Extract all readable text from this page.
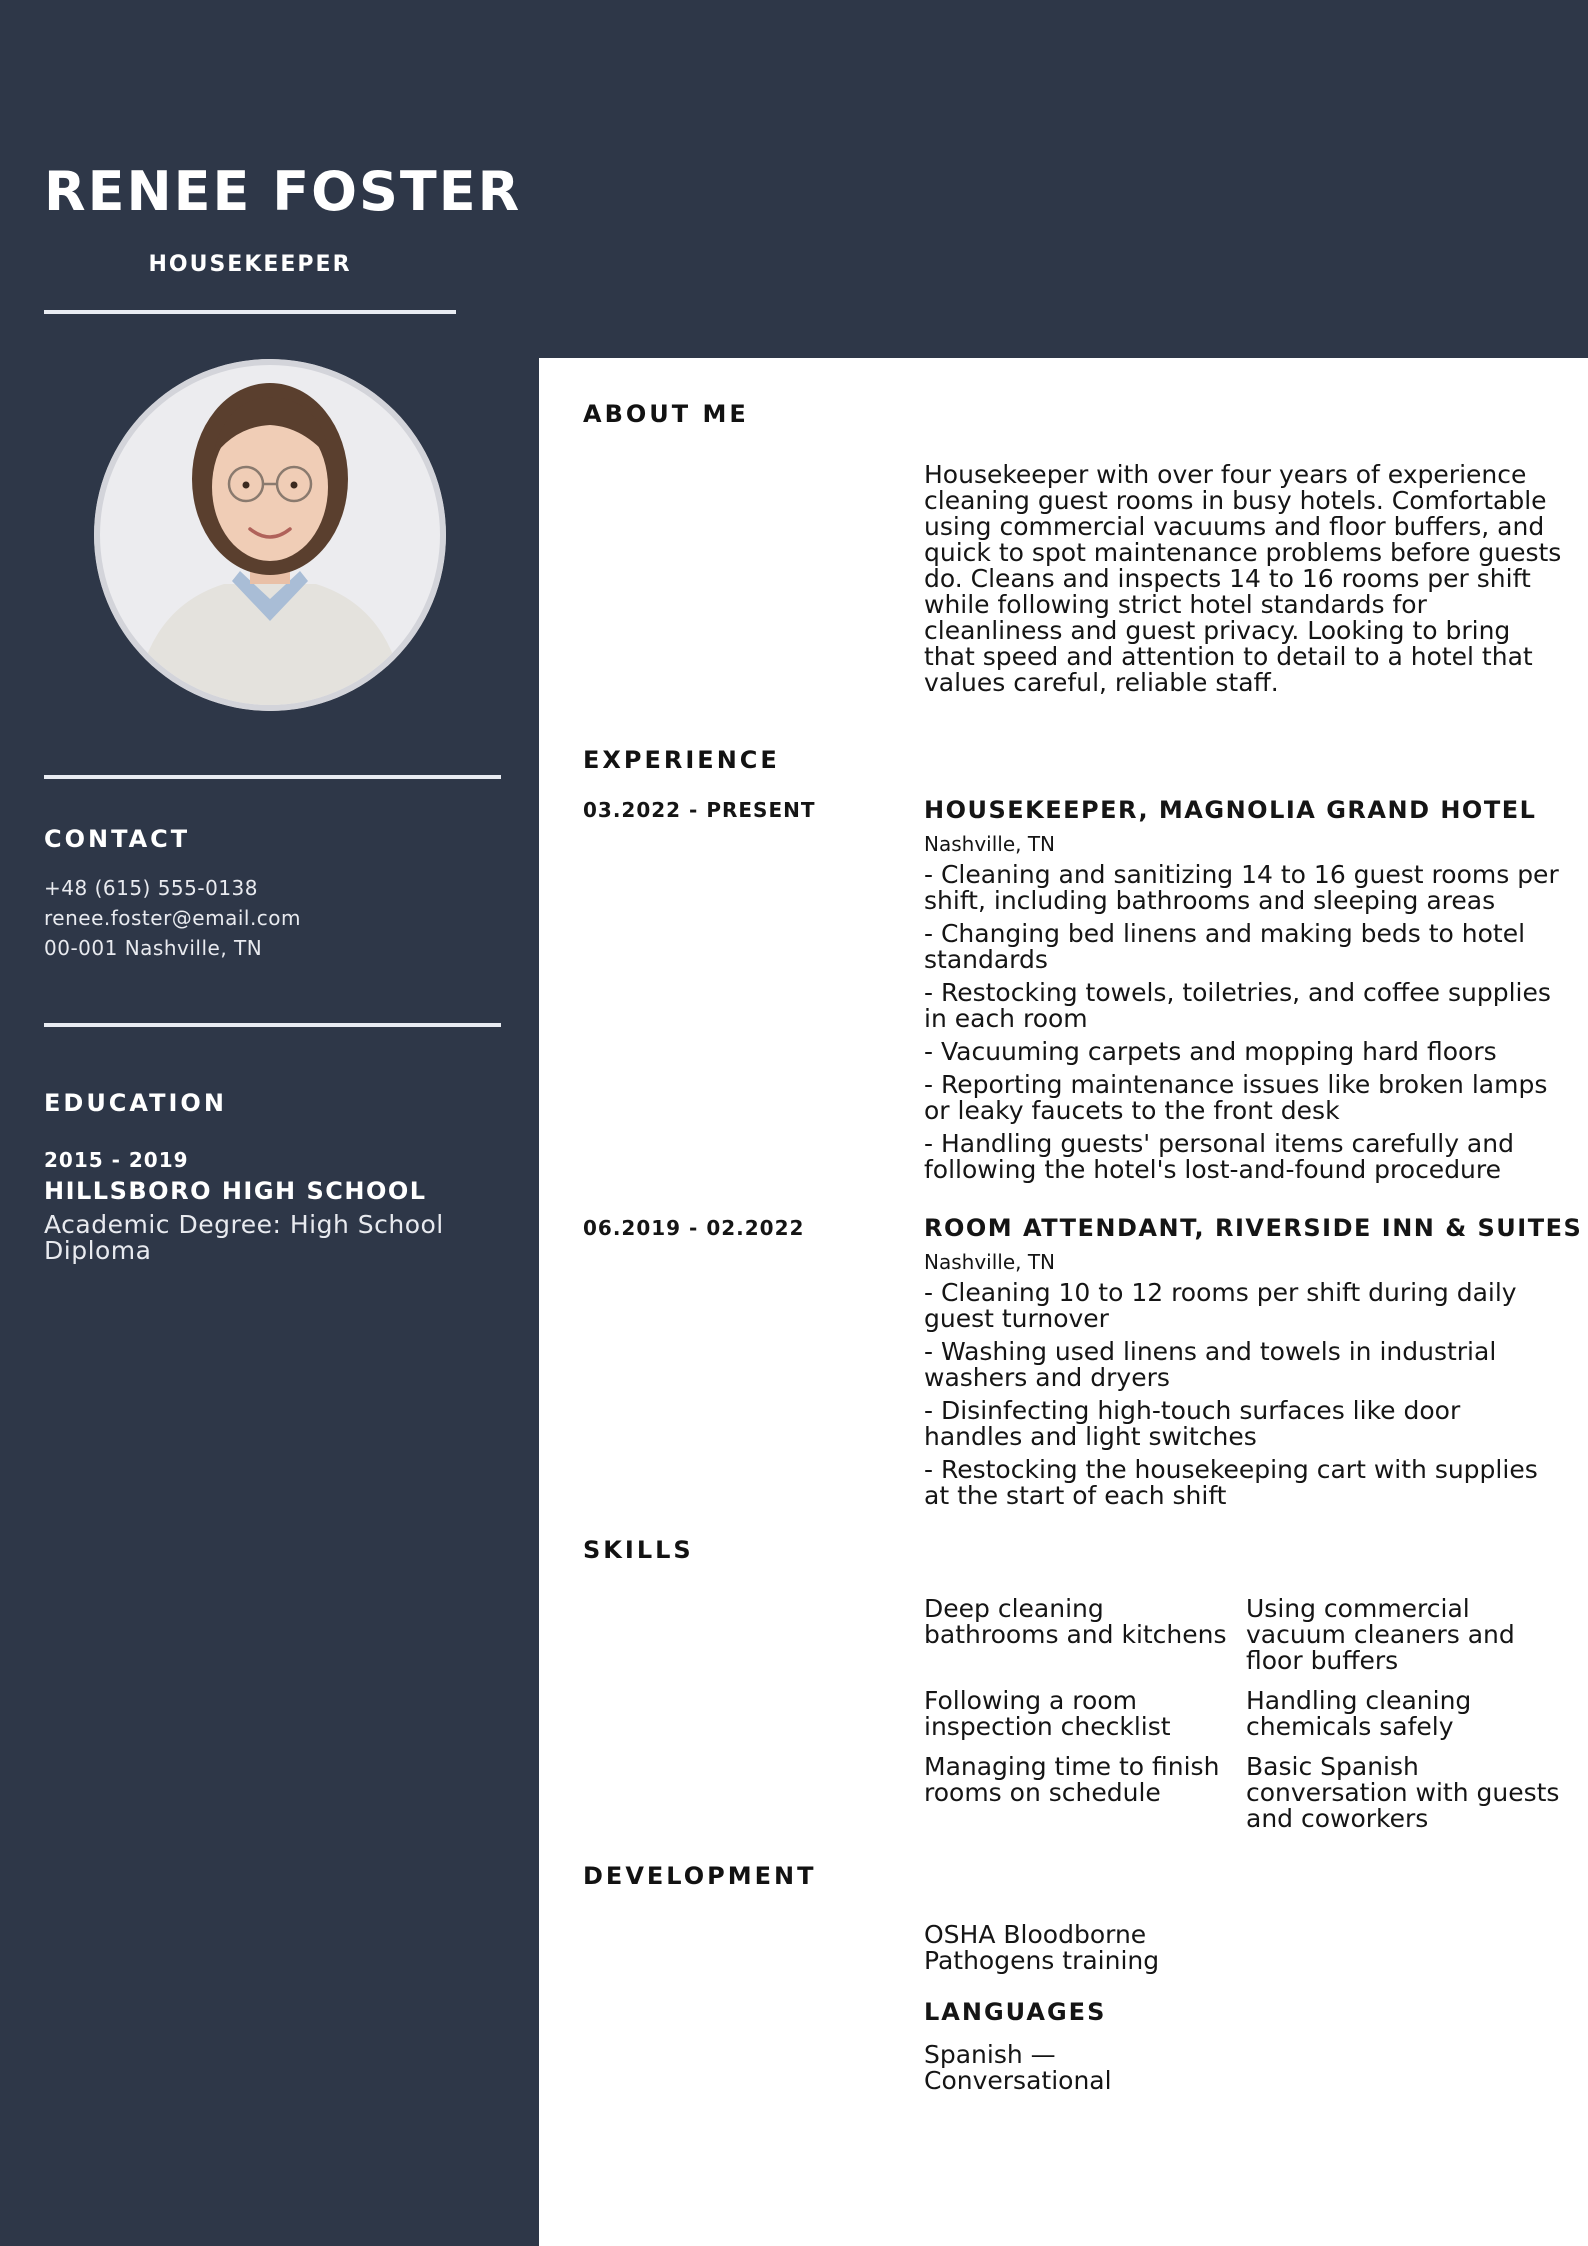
RENEE FOSTER
HOUSEKEEPER
CONTACT
+48 (615) 555-0138
renee.foster@email.com
00-001 Nashville, TN
EDUCATION
2015 - 2019
HILLSBORO HIGH SCHOOL
Academic Degree: High School Diploma
ABOUT ME

Housekeeper with over four years of experience cleaning guest rooms in busy hotels. Comfortable using commercial vacuums and floor buffers, and quick to spot maintenance problems before guests do. Cleans and inspects 14 to 16 rooms per shift while following strict hotel standards for cleanliness and guest privacy. Looking to bring that speed and attention to detail to a hotel that values careful, reliable staff.

EXPERIENCE
03.2022 - PRESENT	HOUSEKEEPER, MAGNOLIA GRAND HOTEL

Nashville, TN

- Cleaning and sanitizing 14 to 16 guest rooms per shift, including bathrooms and sleeping areas

- Changing bed linens and making beds to hotel standards

- Restocking towels, toiletries, and coffee supplies in each room

- Vacuuming carpets and mopping hard floors

- Reporting maintenance issues like broken lamps or leaky faucets to the front desk

- Handling guests' personal items carefully and following the hotel's lost-and-found procedure

06.2019 - 02.2022	ROOM ATTENDANT, RIVERSIDE INN & SUITES

Nashville, TN

- Cleaning 10 to 12 rooms per shift during daily guest turnover

- Washing used linens and towels in industrial washers and dryers

- Disinfecting high-touch surfaces like door handles and light switches

- Restocking the housekeeping cart with supplies at the start of each shift

SKILLS

Deep cleaning bathrooms and kitchens

Using commercial vacuum cleaners and floor buffers

Following a room inspection checklist

Handling cleaning chemicals safely

Managing time to finish rooms on schedule

Basic Spanish conversation with guests and coworkers

DEVELOPMENT

OSHA Bloodborne Pathogens training

LANGUAGES

Spanish — Conversational
